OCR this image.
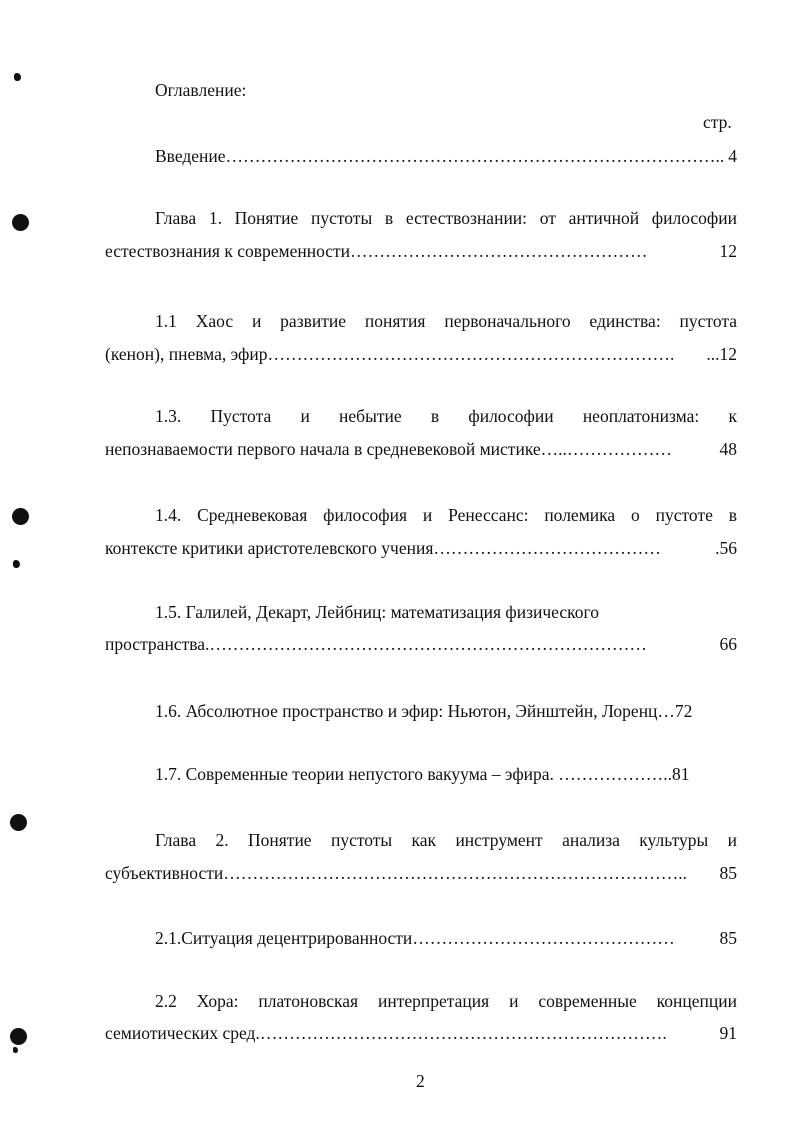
Оглавление:
стр.
Введение ………………………………………………………………………….. 4
Глава 1. Понятие пустоты в естествознании: от античной философии
естествознания к современности ……………………………………………	12
1.1 Хаос и развитие понятия первоначального единства: пустота
(кенон), пневма, эфир …………………………………………………………….	...12
1.3. Пустота и небытие в философии неоплатонизма: к
непознаваемости первого начала в средневековой мистике …..………………	48
1.4. Средневековая философия и Ренессанс: полемика о пустоте в
контексте критики аристотелевского учения …………………………………	.56
1.5. Галилей, Декарт, Лейбниц: математизация физического
пространства. …………………………………………………………………	66
1.6. Абсолютное пространство и эфир: Ньютон, Эйнштейн, Лоренц…72
1.7. Современные теории непустого вакуума – эфира. ………………..81
Глава 2. Понятие пустоты как инструмент анализа культуры и
субъективности ……………………………………………………………………..	85
2.1.Ситуация децентрированности ………………………………………	85
2.2 Хора: платоновская интерпретация и современные концепции
семиотических сред. …………………………………………………………….	91
2
